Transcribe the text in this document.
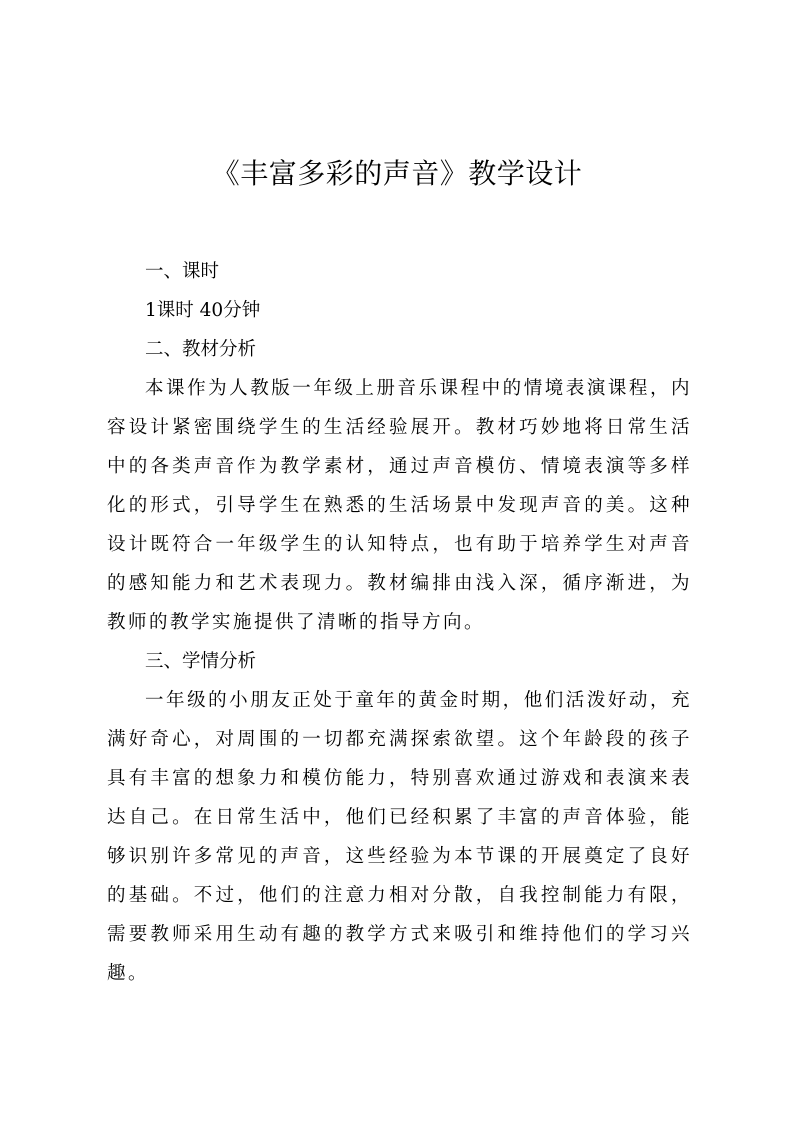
《丰富多彩的声音》教学设计
一、课时

1课时 40分钟

二、教材分析

本课作为人教版一年级上册音乐课程中的情境表演课程，内容设计紧密围绕学生的生活经验展开。教材巧妙地将日常生活中的各类声音作为教学素材，通过声音模仿、情境表演等多样化的形式，引导学生在熟悉的生活场景中发现声音的美。这种设计既符合一年级学生的认知特点，也有助于培养学生对声音的感知能力和艺术表现力。教材编排由浅入深，循序渐进，为教师的教学实施提供了清晰的指导方向。

三、学情分析

一年级的小朋友正处于童年的黄金时期，他们活泼好动，充满好奇心，对周围的一切都充满探索欲望。这个年龄段的孩子具有丰富的想象力和模仿能力，特别喜欢通过游戏和表演来表达自己。在日常生活中，他们已经积累了丰富的声音体验，能够识别许多常见的声音，这些经验为本节课的开展奠定了良好的基础。不过，他们的注意力相对分散，自我控制能力有限，需要教师采用生动有趣的教学方式来吸引和维持他们的学习兴趣。
